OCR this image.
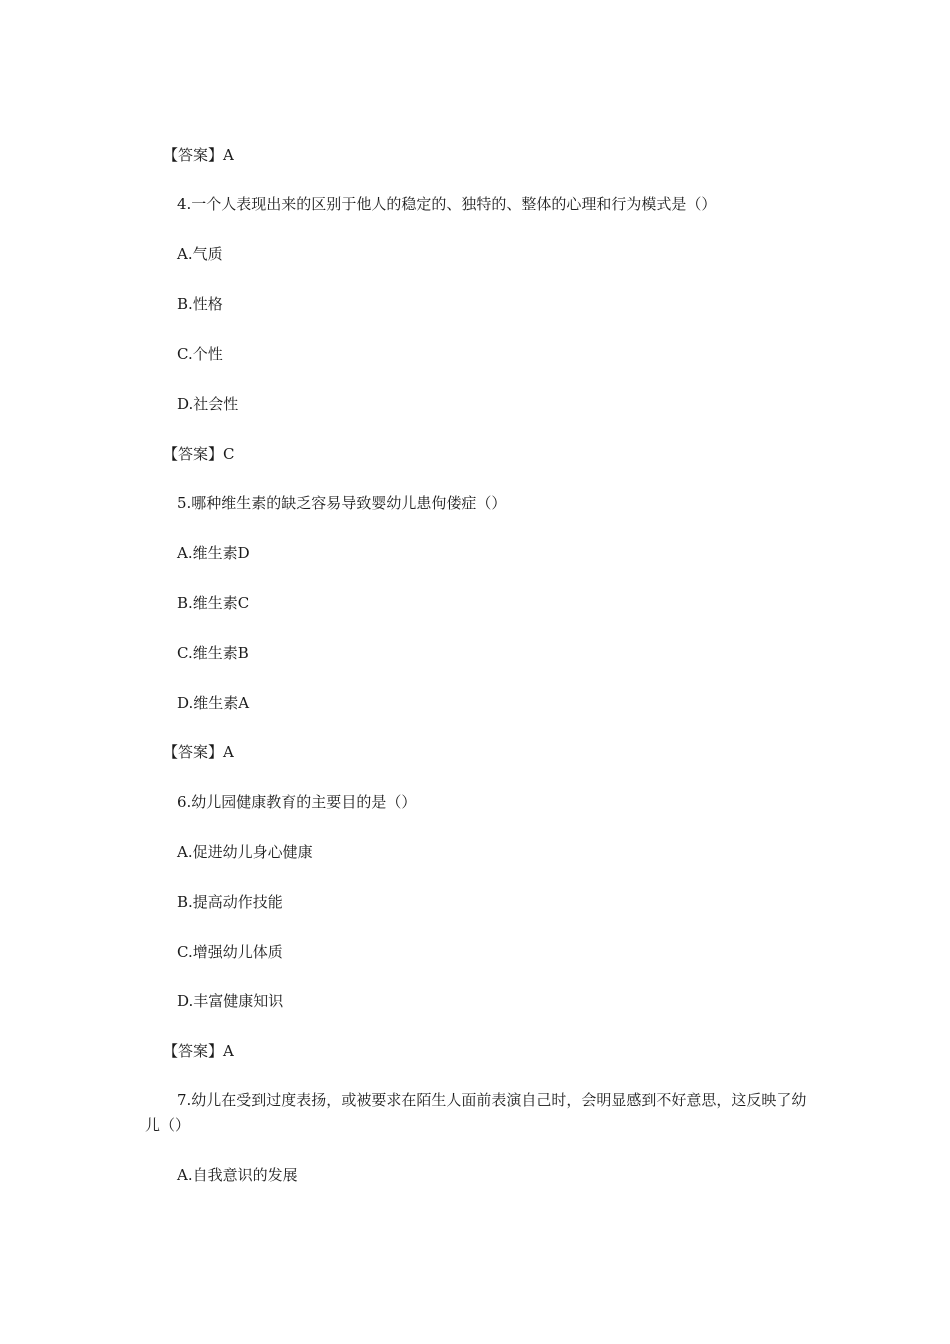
【答案】A
4.一个人表现出来的区别于他人的稳定的、独特的、整体的心理和行为模式是（）
A.气质
B.性格
C.个性
D.社会性
【答案】C
5.哪种维生素的缺乏容易导致婴幼儿患佝偻症（）
A.维生素D
B.维生素C
C.维生素B
D.维生素A
【答案】A
6.幼儿园健康教育的主要目的是（）
A.促进幼儿身心健康
B.提高动作技能
C.增强幼儿体质
D.丰富健康知识
【答案】A
7.幼儿在受到过度表扬，或被要求在陌生人面前表演自己时，会明显感到不好意思，这反映了幼儿（）
A.自我意识的发展
